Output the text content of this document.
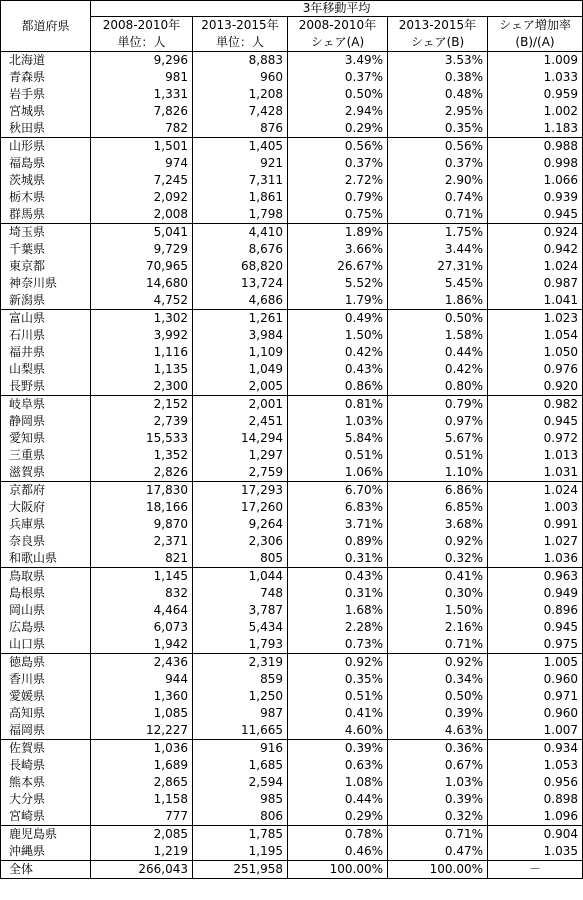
都道府県	3年移動平均				
	2008-2010年	2013-2015年	2008-2010年	2013-2015年	シェア増加率
	単位：人	単位：人	シェア(A)	シェア(B)	(B)/(A)
北海道	9,296	8,883	3.49%	3.53%	1.009
青森県	981	960	0.37%	0.38%	1.033
岩手県	1,331	1,208	0.50%	0.48%	0.959
宮城県	7,826	7,428	2.94%	2.95%	1.002
秋田県	782	876	0.29%	0.35%	1.183
山形県	1,501	1,405	0.56%	0.56%	0.988
福島県	974	921	0.37%	0.37%	0.998
茨城県	7,245	7,311	2.72%	2.90%	1.066
栃木県	2,092	1,861	0.79%	0.74%	0.939
群馬県	2,008	1,798	0.75%	0.71%	0.945
埼玉県	5,041	4,410	1.89%	1.75%	0.924
千葉県	9,729	8,676	3.66%	3.44%	0.942
東京都	70,965	68,820	26.67%	27.31%	1.024
神奈川県	14,680	13,724	5.52%	5.45%	0.987
新潟県	4,752	4,686	1.79%	1.86%	1.041
富山県	1,302	1,261	0.49%	0.50%	1.023
石川県	3,992	3,984	1.50%	1.58%	1.054
福井県	1,116	1,109	0.42%	0.44%	1.050
山梨県	1,135	1,049	0.43%	0.42%	0.976
長野県	2,300	2,005	0.86%	0.80%	0.920
岐阜県	2,152	2,001	0.81%	0.79%	0.982
静岡県	2,739	2,451	1.03%	0.97%	0.945
愛知県	15,533	14,294	5.84%	5.67%	0.972
三重県	1,352	1,297	0.51%	0.51%	1.013
滋賀県	2,826	2,759	1.06%	1.10%	1.031
京都府	17,830	17,293	6.70%	6.86%	1.024
大阪府	18,166	17,260	6.83%	6.85%	1.003
兵庫県	9,870	9,264	3.71%	3.68%	0.991
奈良県	2,371	2,306	0.89%	0.92%	1.027
和歌山県	821	805	0.31%	0.32%	1.036
鳥取県	1,145	1,044	0.43%	0.41%	0.963
島根県	832	748	0.31%	0.30%	0.949
岡山県	4,464	3,787	1.68%	1.50%	0.896
広島県	6,073	5,434	2.28%	2.16%	0.945
山口県	1,942	1,793	0.73%	0.71%	0.975
徳島県	2,436	2,319	0.92%	0.92%	1.005
香川県	944	859	0.35%	0.34%	0.960
愛媛県	1,360	1,250	0.51%	0.50%	0.971
高知県	1,085	987	0.41%	0.39%	0.960
福岡県	12,227	11,665	4.60%	4.63%	1.007
佐賀県	1,036	916	0.39%	0.36%	0.934
長崎県	1,689	1,685	0.63%	0.67%	1.053
熊本県	2,865	2,594	1.08%	1.03%	0.956
大分県	1,158	985	0.44%	0.39%	0.898
宮崎県	777	806	0.29%	0.32%	1.096
鹿児島県	2,085	1,785	0.78%	0.71%	0.904
沖縄県	1,219	1,195	0.46%	0.47%	1.035
全体	266,043	251,958	100.00%	100.00%	－
